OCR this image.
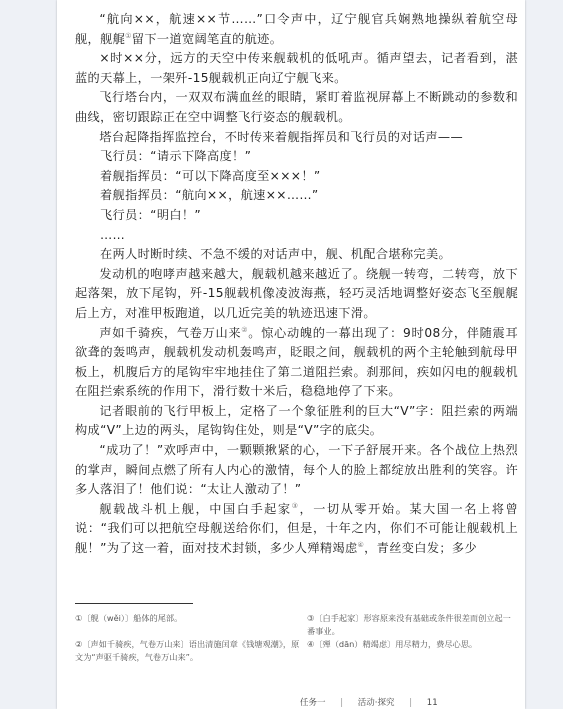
“航向××，航速××节……”口令声中，辽宁舰官兵娴熟地操纵着航空母舰，舰艉①留下一道宽阔笔直的航迹。

×时××分，远方的天空中传来舰载机的低吼声。循声望去，记者看到，湛蓝的天幕上，一架歼-15舰载机正向辽宁舰飞来。

飞行塔台内，一双双布满血丝的眼睛，紧盯着监视屏幕上不断跳动的参数和曲线，密切跟踪正在空中调整飞行姿态的舰载机。

塔台起降指挥监控台，不时传来着舰指挥员和飞行员的对话声——

飞行员：“请示下降高度！”

着舰指挥员：“可以下降高度至×××！”

着舰指挥员：“航向××，航速××……”

飞行员：“明白！”

……

在两人时断时续、不急不缓的对话声中，舰、机配合堪称完美。

发动机的咆哮声越来越大，舰载机越来越近了。绕舰一转弯，二转弯，放下起落架，放下尾钩，歼-15舰载机像凌波海燕，轻巧灵活地调整好姿态飞至舰艉后上方，对准甲板跑道，以几近完美的轨迹迅速下滑。

声如千骑疾，气卷万山来②。惊心动魄的一幕出现了：9时08分，伴随震耳欲聋的轰鸣声，舰载机发动机轰鸣声，眨眼之间，舰载机的两个主轮触到航母甲板上，机腹后方的尾钩牢牢地挂住了第二道阻拦索。刹那间，疾如闪电的舰载机在阻拦索系统的作用下，滑行数十米后，稳稳地停了下来。

记者眼前的飞行甲板上，定格了一个象征胜利的巨大“V”字：阻拦索的两端构成“V”上边的两头，尾钩钩住处，则是“V”字的底尖。

“成功了！”欢呼声中，一颗颗揪紧的心，一下子舒展开来。各个战位上热烈的掌声，瞬间点燃了所有人内心的激情，每个人的脸上都绽放出胜利的笑容。许多人落泪了！他们说：“太让人激动了！”

舰载战斗机上舰，中国白手起家③，一切从零开始。某大国一名上将曾说：“我们可以把航空母舰送给你们，但是，十年之内，你们不可能让舰载机上舰！”为了这一着，面对技术封锁，多少人殚精竭虑④，青丝变白发；多少

①〔舰（wěi）〕船体的尾部。	③〔白手起家〕形容原来没有基础或条件很差而创立起一番事业。
②〔声如千骑疾，气卷万山来〕语出清施闰章《钱塘观潮》，原文为“声驱千骑疾，气卷万山来”。
④〔殚（dān）精竭虑〕用尽精力，费尽心思。
任务一 | 活动·探究 | 11
